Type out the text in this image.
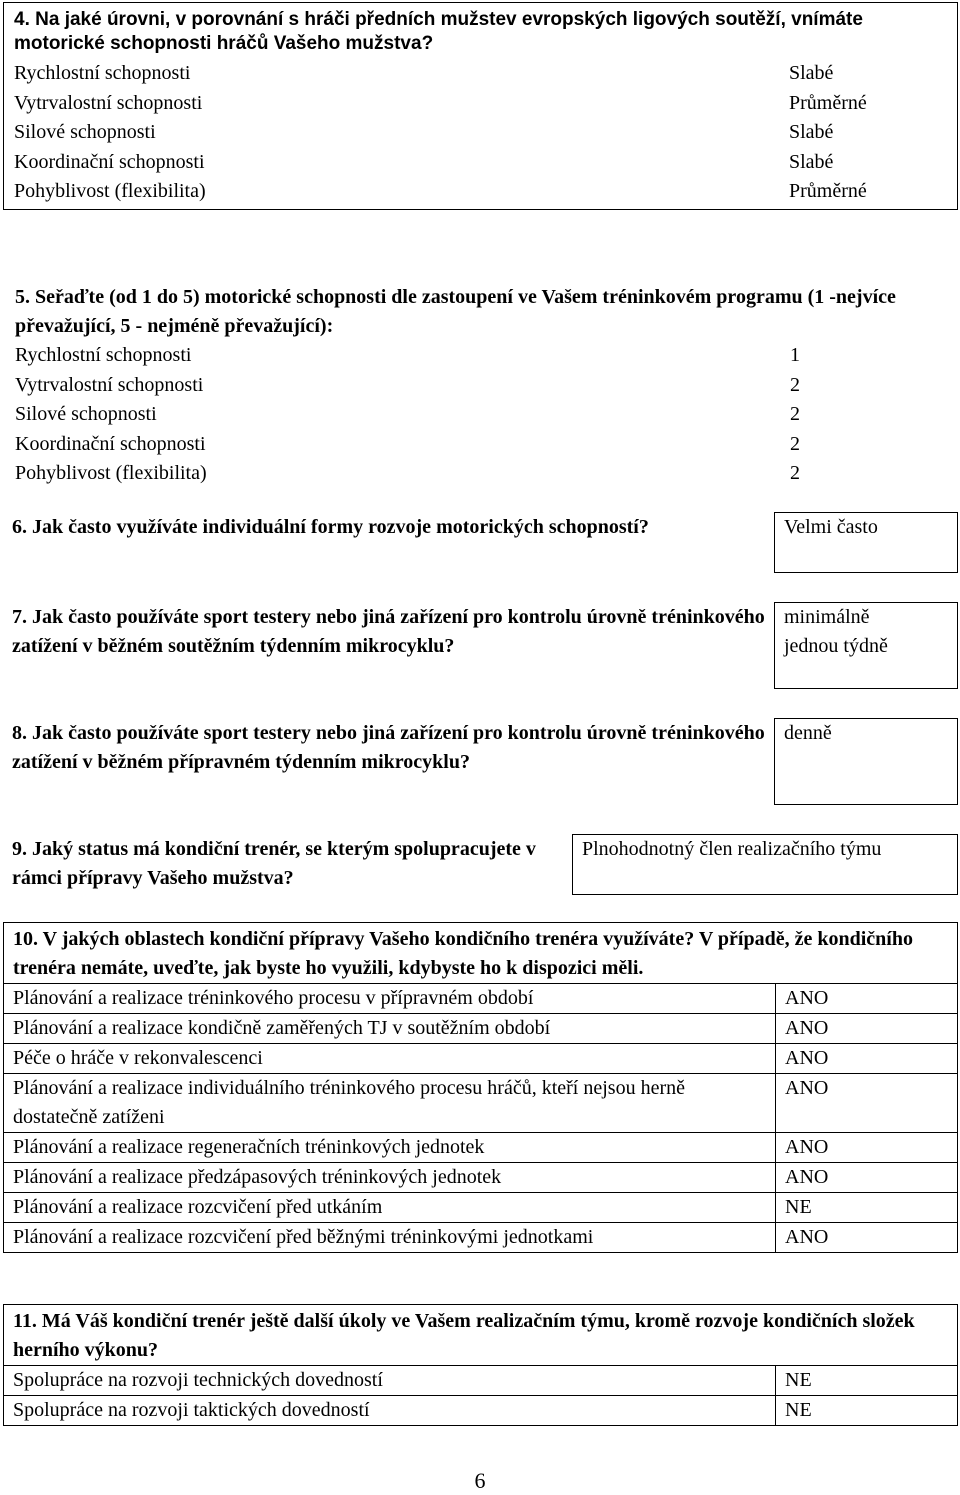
4. Na jaké úrovni, v porovnání s hráči předních mužstev evropských ligových soutěží, vnímáte motorické schopnosti hráčů Vašeho mužstva?
Rychlostní schopnosti	Slabé
Vytrvalostní schopnosti	Průměrné
Silové schopnosti	Slabé
Koordinační schopnosti	Slabé
Pohyblivost (flexibilita)	Průměrné
5. Seřaďte (od 1 do 5) motorické schopnosti dle zastoupení ve Vašem tréninkovém programu (1 -nejvíce převažující, 5 - nejméně převažující):
Rychlostní schopnosti	1
Vytrvalostní schopnosti	2
Silové schopnosti	2
Koordinační schopnosti	2
Pohyblivost (flexibilita)	2
6. Jak často využíváte individuální formy rozvoje motorických schopností?	Velmi často
7. Jak často používáte sport testery nebo jiná zařízení pro kontrolu úrovně tréninkového zatížení v běžném soutěžním týdenním mikrocyklu?	minimálně jednou týdně
8. Jak často používáte sport testery nebo jiná zařízení pro kontrolu úrovně tréninkového zatížení v běžném přípravném týdenním mikrocyklu?	denně
9. Jaký status má kondiční trenér, se kterým spolupracujete v rámci přípravy Vašeho mužstva?	Plnohodnotný člen realizačního týmu
10. V jakých oblastech kondiční přípravy Vašeho kondičního trenéra využíváte? V případě, že kondičního trenéra nemáte, uveďte, jak byste ho využili, kdybyste ho k dispozici měli.
Plánování a realizace tréninkového procesu v přípravném období	ANO
Plánování a realizace kondičně zaměřených TJ v soutěžním období	ANO
Péče o hráče v rekonvalescenci	ANO
Plánování a realizace individuálního tréninkového procesu hráčů, kteří nejsou herně dostatečně zatíženi	ANO
Plánování a realizace regeneračních tréninkových jednotek	ANO
Plánování a realizace předzápasových tréninkových jednotek	ANO
Plánování a realizace rozcvičení před utkáním	NE
Plánování a realizace rozcvičení před běžnými tréninkovými jednotkami	ANO
11. Má Váš kondiční trenér ještě další úkoly ve Vašem realizačním týmu, kromě rozvoje kondičních složek herního výkonu?
Spolupráce na rozvoji technických dovedností	NE
Spolupráce na rozvoji taktických dovedností	NE
6
